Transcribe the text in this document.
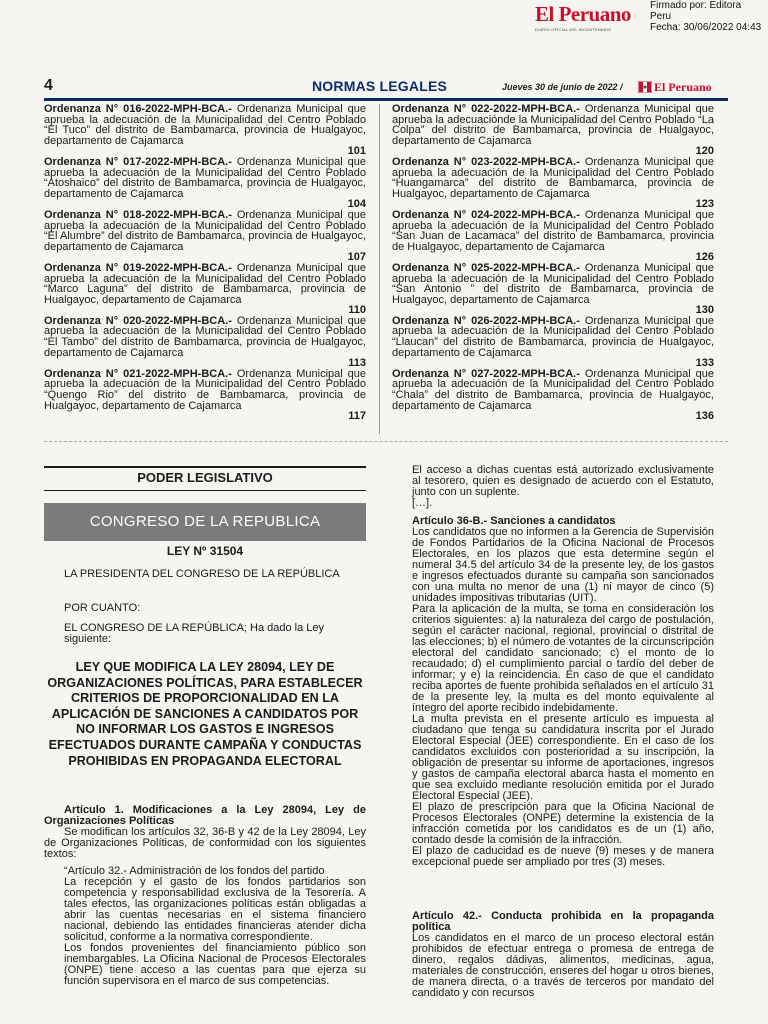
El Peruano
DIARIO OFICIAL DEL BICENTENARIO
Firmado por: Editora
Peru
Fecha: 30/06/2022 04:43
4	NORMAS LEGALES	Jueves 30 de junio de 2022 /	El Peruano
Ordenanza N° 016-2022-MPH-BCA.- Ordenanza Municipal que aprueba la adecuación de la Municipalidad del Centro Poblado “El Tuco” del distrito de Bambamarca, provincia de Hualgayoc, departamento de Cajamarca
101
Ordenanza N° 017-2022-MPH-BCA.- Ordenanza Municipal que aprueba la adecuación de la Municipalidad del Centro Poblado “Atoshaico” del distrito de Bambamarca, provincia de Hualgayoc, departamento de Cajamarca
104
Ordenanza N° 018-2022-MPH-BCA.- Ordenanza Municipal que aprueba la adecuación de la Municipalidad del Centro Poblado “El Alumbre” del distrito de Bambamarca, provincia de Hualgayoc, departamento de Cajamarca
107
Ordenanza N° 019-2022-MPH-BCA.- Ordenanza Municipal que aprueba la adecuación de la Municipalidad del Centro Poblado “Marco Laguna” del distrito de Bambamarca, provincia de Hualgayoc, departamento de Cajamarca
110
Ordenanza N° 020-2022-MPH-BCA.- Ordenanza Municipal que aprueba la adecuación de la Municipalidad del Centro Poblado “El Tambo” del distrito de Bambamarca, provincia de Hualgayoc, departamento de Cajamarca
113
Ordenanza N° 021-2022-MPH-BCA.- Ordenanza Municipal que aprueba la adecuación de la Municipalidad del Centro Poblado “Quengo Rio” del distrito de Bambamarca, provincia de Hualgayoc, departamento de Cajamarca
117
Ordenanza N° 022-2022-MPH-BCA.- Ordenanza Municipal que aprueba la adecuaciónde la Municipalidad del Centro Poblado “La Colpa” del distrito de Bambamarca, provincia de Hualgayoc, departamento de Cajamarca
120
Ordenanza N° 023-2022-MPH-BCA.- Ordenanza Municipal que aprueba la adecuación de la Municipalidad del Centro Poblado “Huangamarca” del distrito de Bambamarca, provincia de Hualgayoc, departamento de Cajamarca
123
Ordenanza N° 024-2022-MPH-BCA.- Ordenanza Municipal que aprueba la adecuación de la Municipalidad del Centro Poblado “San Juan de Lacamaca” del distrito de Bambamarca, provincia de Hualgayoc, departamento de Cajamarca
126
Ordenanza N° 025-2022-MPH-BCA.- Ordenanza Municipal que aprueba la adecuación de la Municipalidad del Centro Poblado “San Antonio ” del distrito de Bambamarca, provincia de Hualgayoc, departamento de Cajamarca
130
Ordenanza N° 026-2022-MPH-BCA.- Ordenanza Municipal que aprueba la adecuación de la Municipalidad del Centro Poblado “Llaucan” del distrito de Bambamarca, provincia de Hualgayoc, departamento de Cajamarca
133
Ordenanza N° 027-2022-MPH-BCA.- Ordenanza Municipal que aprueba la adecuación de la Municipalidad del Centro Poblado “Chala” del distrito de Bambamarca, provincia de Hualgayoc, departamento de Cajamarca
136
PODER LEGISLATIVO
CONGRESO DE LA REPUBLICA
LEY Nº 31504
LA PRESIDENTA DEL CONGRESO DE LA REPÚBLICA
POR CUANTO:
EL CONGRESO DE LA REPÚBLICA; Ha dado la Ley siguiente:
LEY QUE MODIFICA LA LEY 28094, LEY DE ORGANIZACIONES POLÍTICAS, PARA ESTABLECER CRITERIOS DE PROPORCIONALIDAD EN LA APLICACIÓN DE SANCIONES A CANDIDATOS POR NO INFORMAR LOS GASTOS E INGRESOS EFECTUADOS DURANTE CAMPAÑA Y CONDUCTAS PROHIBIDAS EN PROPAGANDA ELECTORAL

Artículo 1. Modificaciones a la Ley 28094, Ley de Organizaciones Políticas

Se modifican los artículos 32, 36-B y 42 de la Ley 28094, Ley de Organizaciones Políticas, de conformidad con los siguientes textos:

“Artículo 32.- Administración de los fondos del partido

La recepción y el gasto de los fondos partidarios son competencia y responsabilidad exclusiva de la Tesorería. A tales efectos, las organizaciones políticas están obligadas a abrir las cuentas necesarias en el sistema financiero nacional, debiendo las entidades financieras atender dicha solicitud, conforme a la normativa correspondiente.

Los fondos provenientes del financiamiento público son inembargables. La Oficina Nacional de Procesos Electorales (ONPE) tiene acceso a las cuentas para que ejerza su función supervisora en el marco de sus competencias.

El acceso a dichas cuentas está autorizado exclusivamente al tesorero, quien es designado de acuerdo con el Estatuto, junto con un suplente.

[…].

Artículo 36-B.- Sanciones a candidatos

Los candidatos que no informen a la Gerencia de Supervisión de Fondos Partidarios de la Oficina Nacional de Procesos Electorales, en los plazos que esta determine según el numeral 34.5 del artículo 34 de la presente ley, de los gastos e ingresos efectuados durante su campaña son sancionados con una multa no menor de una (1) ni mayor de cinco (5) unidades impositivas tributarias (UIT).

Para la aplicación de la multa, se toma en consideración los criterios siguientes: a) la naturaleza del cargo de postulación, según el carácter nacional, regional, provincial o distrital de las elecciones; b) el número de votantes de la circunscripción electoral del candidato sancionado; c) el monto de lo recaudado; d) el cumplimiento parcial o tardío del deber de informar; y e) la reincidencia. En caso de que el candidato reciba aportes de fuente prohibida señalados en el artículo 31 de la presente ley, la multa es del monto equivalente al íntegro del aporte recibido indebidamente.

La multa prevista en el presente artículo es impuesta al ciudadano que tenga su candidatura inscrita por el Jurado Electoral Especial (JEE) correspondiente. En el caso de los candidatos excluidos con posterioridad a su inscripción, la obligación de presentar su informe de aportaciones, ingresos y gastos de campaña electoral abarca hasta el momento en que sea excluido mediante resolución emitida por el Jurado Electoral Especial (JEE).

El plazo de prescripción para que la Oficina Nacional de Procesos Electorales (ONPE) determine la existencia de la infracción cometida por los candidatos es de un (1) año, contado desde la comisión de la infracción.

El plazo de caducidad es de nueve (9) meses y de manera excepcional puede ser ampliado por tres (3) meses.

Artículo 42.- Conducta prohibida en la propaganda política

Los candidatos en el marco de un proceso electoral están prohibidos de efectuar entrega o promesa de entrega de dinero, regalos dádivas, alimentos, medicinas, agua, materiales de construcción, enseres del hogar u otros bienes, de manera directa, o a través de terceros por mandato del candidato y con recursos
